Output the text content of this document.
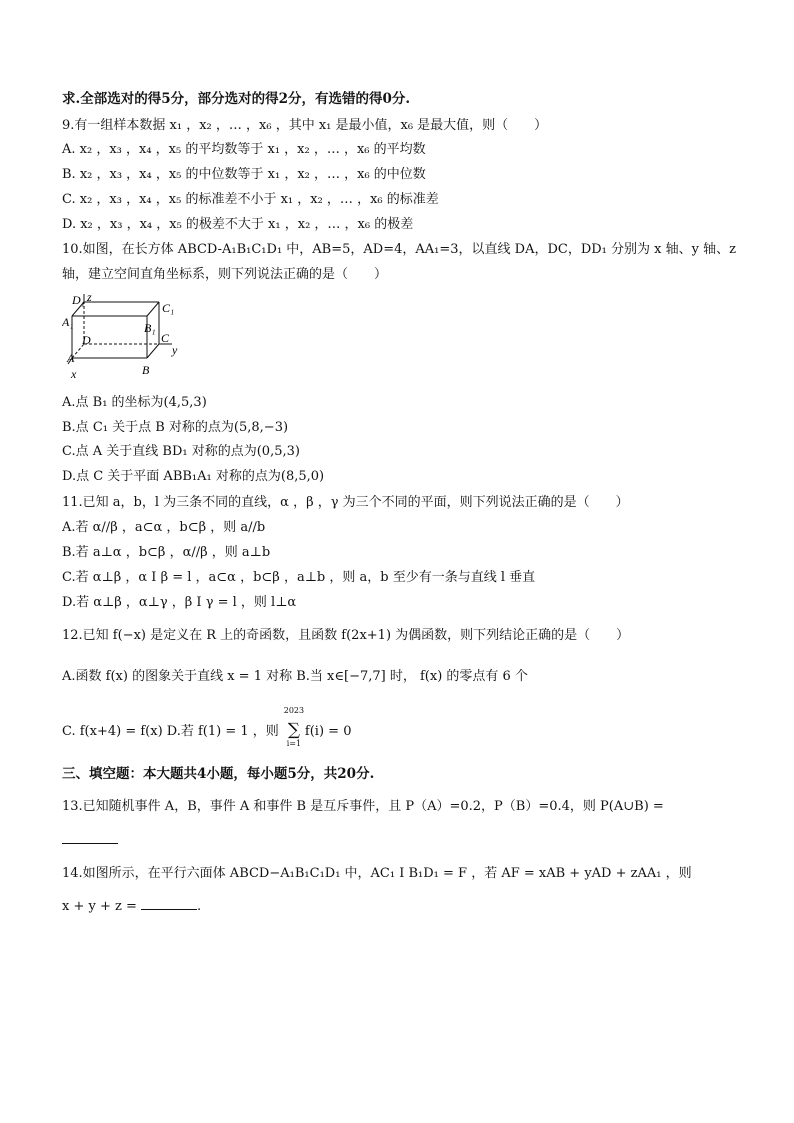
求.全部选对的得5分，部分选对的得2分，有选错的得0分.
9.有一组样本数据 x₁ ，x₂ ，… ，x₆ ，其中 x₁ 是最小值，x₆ 是最大值，则（　　）
A. x₂ ，x₃ ，x₄ ，x₅ 的平均数等于 x₁ ，x₂ ，… ，x₆ 的平均数
B. x₂ ，x₃ ，x₄ ，x₅ 的中位数等于 x₁ ，x₂ ，… ，x₆ 的中位数
C. x₂ ，x₃ ，x₄ ，x₅ 的标准差不小于 x₁ ，x₂ ，… ，x₆ 的标准差
D. x₂ ，x₃ ，x₄ ，x₅ 的极差不大于 x₁ ，x₂ ，… ，x₆ 的极差
10.如图，在长方体 ABCD-A₁B₁C₁D₁ 中，AB=5，AD=4，AA₁=3，以直线 DA，DC，DD₁ 分别为 x 轴、y 轴、z
轴，建立空间直角坐标系，则下列说法正确的是（　　）
D₁ z
C₁
A₁	B₁
D	C
y
A
B
x
A.点 B₁ 的坐标为(4,5,3)
B.点 C₁ 关于点 B 对称的点为(5,8,−3)
C.点 A 关于直线 BD₁ 对称的点为(0,5,3)
D.点 C 关于平面 ABB₁A₁ 对称的点为(8,5,0)
11.已知 a，b，l 为三条不同的直线，α ，β ，γ 为三个不同的平面，则下列说法正确的是（　　）
A.若 α//β ，a⊂α ，b⊂β ，则 a//b
B.若 a⊥α ，b⊂β ，α//β ，则 a⊥b
C.若 α⊥β ，α I β = l ，a⊂α ，b⊂β ，a⊥b ，则 a，b 至少有一条与直线 l 垂直
D.若 α⊥β ，α⊥γ ，β I γ = l ，则 l⊥α
12.已知 f(−x) 是定义在 R 上的奇函数，且函数 f(2x+1) 为偶函数，则下列结论正确的是（　　）
A.函数 f(x) 的图象关于直线 x = 1 对称 B.当 x∈[−7,7] 时， f(x) 的零点有 6 个
C. f(x+4) = f(x) D.若 f(1) = 1 ，则
2023
∑
i=1
f(i) = 0
三、填空题：本大题共4小题，每小题5分，共20分.
13.已知随机事件 A，B，事件 A 和事件 B 是互斥事件，且 P（A）=0.2，P（B）=0.4，则 P(A∪B) =
14.如图所示，在平行六面体 ABCD−A₁B₁C₁D₁ 中，AC₁ I B₁D₁ = F ，若 AF = xAB + yAD + zAA₁ ，则
x + y + z =	.
